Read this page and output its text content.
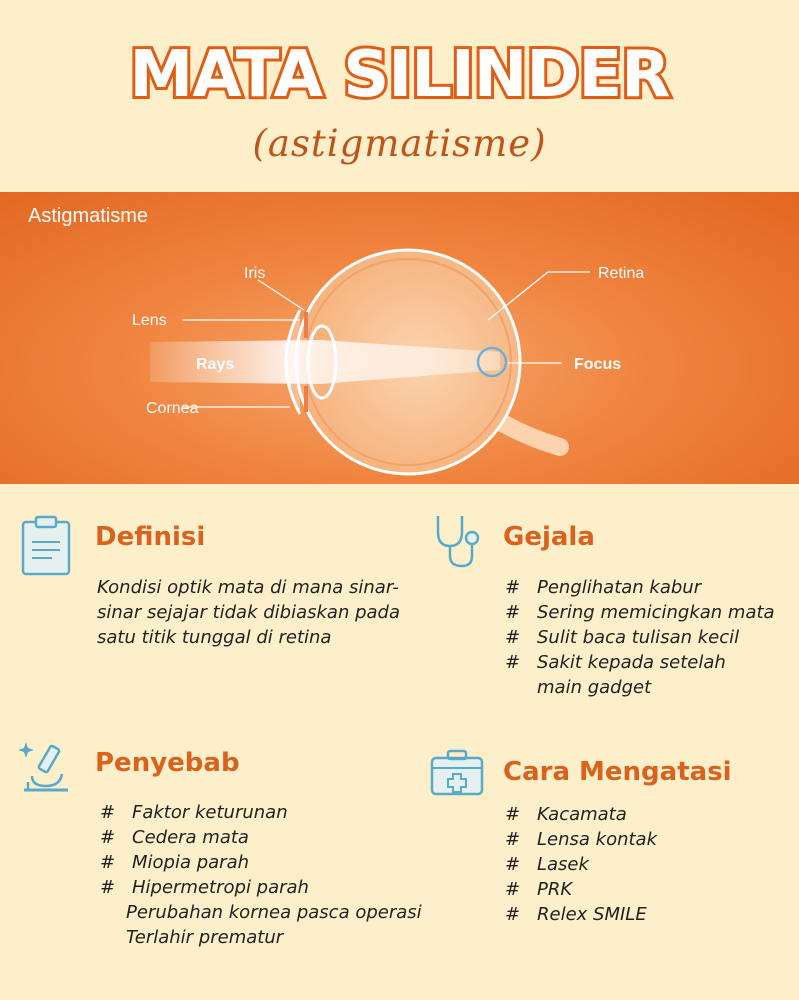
MATA SILINDER
(astigmatisme)
Astigmatisme
Iris
Lens
Rays
Cornea
Retina
Focus
Definisi
Kondisi optik mata di mana sinar-sinar sejajar tidak dibiaskan pada satu titik tunggal di retina
Gejala
# Penglihatan kabur
# Sering memicingkan mata
# Sulit baca tulisan kecil
# Sakit kepada setelah main gadget
Penyebab
# Faktor keturunan
# Cedera mata
# Miopia parah
# Hipermetropi parah
Perubahan kornea pasca operasi
Terlahir prematur
Cara Mengatasi
# Kacamata
# Lensa kontak
# Lasek
# PRK
# Relex SMILE
